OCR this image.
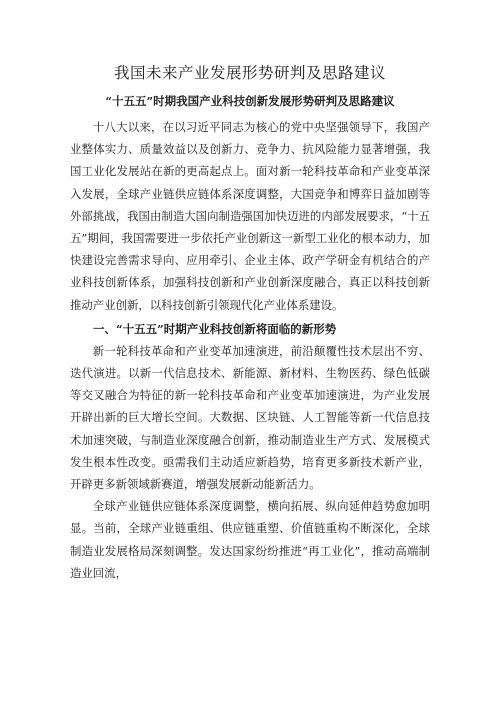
我国未来产业发展形势研判及思路建议
“十五五”时期我国产业科技创新发展形势研判及思路建议

十八大以来，在以习近平同志为核心的党中央坚强领导下，我国产业整体实力、质量效益以及创新力、竞争力、抗风险能力显著增强，我国工业化发展站在新的更高起点上。面对新一轮科技革命和产业变革深入发展，全球产业链供应链体系深度调整，大国竞争和博弈日益加剧等外部挑战，我国由制造大国向制造强国加快迈进的内部发展要求，“十五五”期间，我国需要进一步依托产业创新这一新型工业化的根本动力，加快建设完善需求导向、应用牵引、企业主体、政产学研金有机结合的产业科技创新体系，加强科技创新和产业创新深度融合，真正以科技创新推动产业创新，以科技创新引领现代化产业体系建设。

一、“十五五”时期产业科技创新将面临的新形势

新一轮科技革命和产业变革加速演进，前沿颠覆性技术层出不穷、迭代演进。以新一代信息技术、新能源、新材料、生物医药、绿色低碳等交叉融合为特征的新一轮科技革命和产业变革加速演进，为产业发展开辟出新的巨大增长空间。大数据、区块链、人工智能等新一代信息技术加速突破，与制造业深度融合创新，推动制造业生产方式、发展模式发生根本性改变。亟需我们主动适应新趋势，培育更多新技术新产业，开辟更多新领域新赛道，增强发展新动能新活力。

全球产业链供应链体系深度调整，横向拓展、纵向延伸趋势愈加明显。当前，全球产业链重组、供应链重塑、价值链重构不断深化，全球制造业发展格局深刻调整。发达国家纷纷推进“再工业化”，推动高端制造业回流，
